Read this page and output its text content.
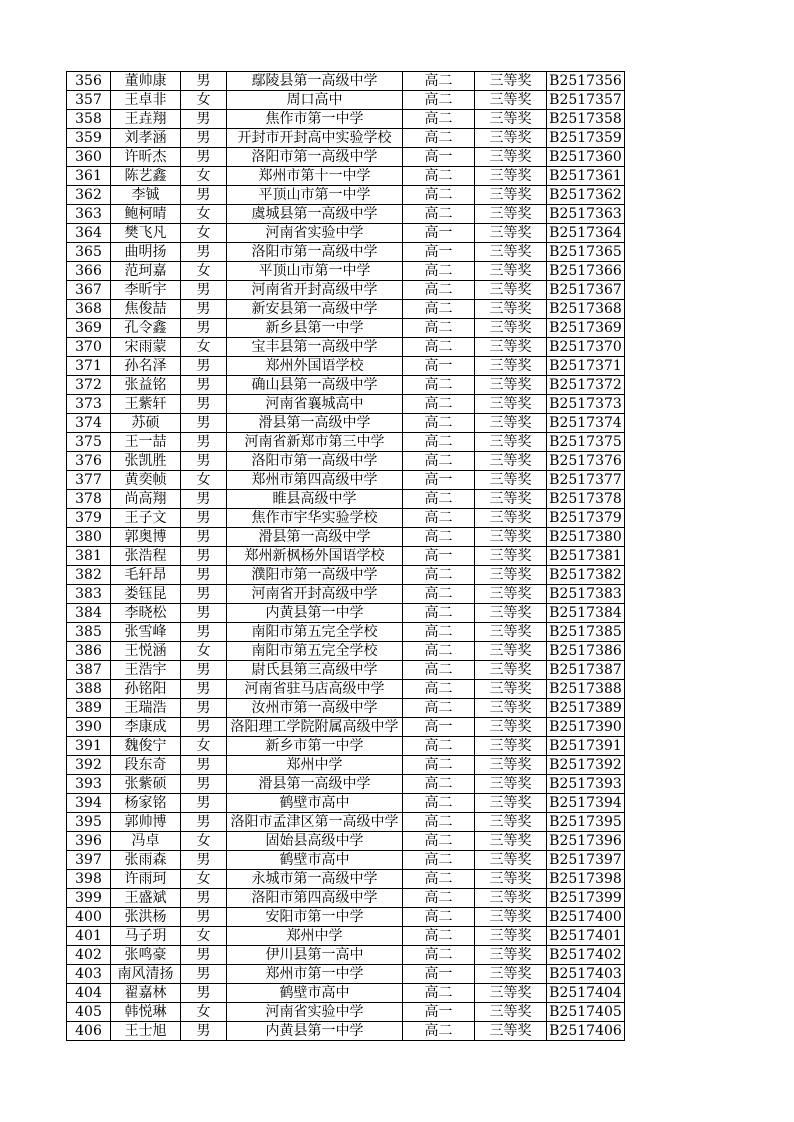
356	董帅康	男	鄢陵县第一高级中学	高二	三等奖	B2517356
357	王卓非	女	周口高中	高二	三等奖	B2517357
358	王垚翔	男	焦作市第一中学	高二	三等奖	B2517358
359	刘孝涵	男	开封市开封高中实验学校	高二	三等奖	B2517359
360	许昕杰	男	洛阳市第一高级中学	高一	三等奖	B2517360
361	陈艺鑫	女	郑州市第十一中学	高二	三等奖	B2517361
362	李铖	男	平顶山市第一中学	高二	三等奖	B2517362
363	鲍柯晴	女	虞城县第一高级中学	高二	三等奖	B2517363
364	樊飞凡	女	河南省实验中学	高一	三等奖	B2517364
365	曲明扬	男	洛阳市第一高级中学	高一	三等奖	B2517365
366	范珂嘉	女	平顶山市第一中学	高二	三等奖	B2517366
367	李昕宇	男	河南省开封高级中学	高二	三等奖	B2517367
368	焦俊喆	男	新安县第一高级中学	高二	三等奖	B2517368
369	孔令鑫	男	新乡县第一中学	高二	三等奖	B2517369
370	宋雨蒙	女	宝丰县第一高级中学	高二	三等奖	B2517370
371	孙名泽	男	郑州外国语学校	高一	三等奖	B2517371
372	张益铭	男	确山县第一高级中学	高二	三等奖	B2517372
373	王紫轩	男	河南省襄城高中	高二	三等奖	B2517373
374	苏硕	男	滑县第一高级中学	高二	三等奖	B2517374
375	王一喆	男	河南省新郑市第三中学	高二	三等奖	B2517375
376	张凯胜	男	洛阳市第一高级中学	高二	三等奖	B2517376
377	黄奕帧	女	郑州市第四高级中学	高一	三等奖	B2517377
378	尚高翔	男	睢县高级中学	高二	三等奖	B2517378
379	王子文	男	焦作市宇华实验学校	高二	三等奖	B2517379
380	郭奥博	男	滑县第一高级中学	高二	三等奖	B2517380
381	张浩程	男	郑州新枫杨外国语学校	高一	三等奖	B2517381
382	毛轩昂	男	濮阳市第一高级中学	高二	三等奖	B2517382
383	娄钰昆	男	河南省开封高级中学	高二	三等奖	B2517383
384	李晓松	男	内黄县第一中学	高二	三等奖	B2517384
385	张雪峰	男	南阳市第五完全学校	高二	三等奖	B2517385
386	王悦涵	女	南阳市第五完全学校	高二	三等奖	B2517386
387	王浩宇	男	尉氏县第三高级中学	高二	三等奖	B2517387
388	孙铭阳	男	河南省驻马店高级中学	高二	三等奖	B2517388
389	王瑞浩	男	汝州市第一高级中学	高二	三等奖	B2517389
390	李康成	男	洛阳理工学院附属高级中学	高一	三等奖	B2517390
391	魏俊宁	女	新乡市第一中学	高二	三等奖	B2517391
392	段东奇	男	郑州中学	高二	三等奖	B2517392
393	张紫硕	男	滑县第一高级中学	高二	三等奖	B2517393
394	杨家铭	男	鹤壁市高中	高二	三等奖	B2517394
395	郭帅博	男	洛阳市孟津区第一高级中学	高二	三等奖	B2517395
396	冯卓	女	固始县高级中学	高二	三等奖	B2517396
397	张雨森	男	鹤壁市高中	高二	三等奖	B2517397
398	许雨珂	女	永城市第一高级中学	高二	三等奖	B2517398
399	王盛斌	男	洛阳市第四高级中学	高二	三等奖	B2517399
400	张洪杨	男	安阳市第一中学	高二	三等奖	B2517400
401	马子玥	女	郑州中学	高二	三等奖	B2517401
402	张鸣豪	男	伊川县第一高中	高二	三等奖	B2517402
403	南风清扬	男	郑州市第一中学	高一	三等奖	B2517403
404	翟嘉林	男	鹤壁市高中	高二	三等奖	B2517404
405	韩悦琳	女	河南省实验中学	高一	三等奖	B2517405
406	王士旭	男	内黄县第一中学	高二	三等奖	B2517406
